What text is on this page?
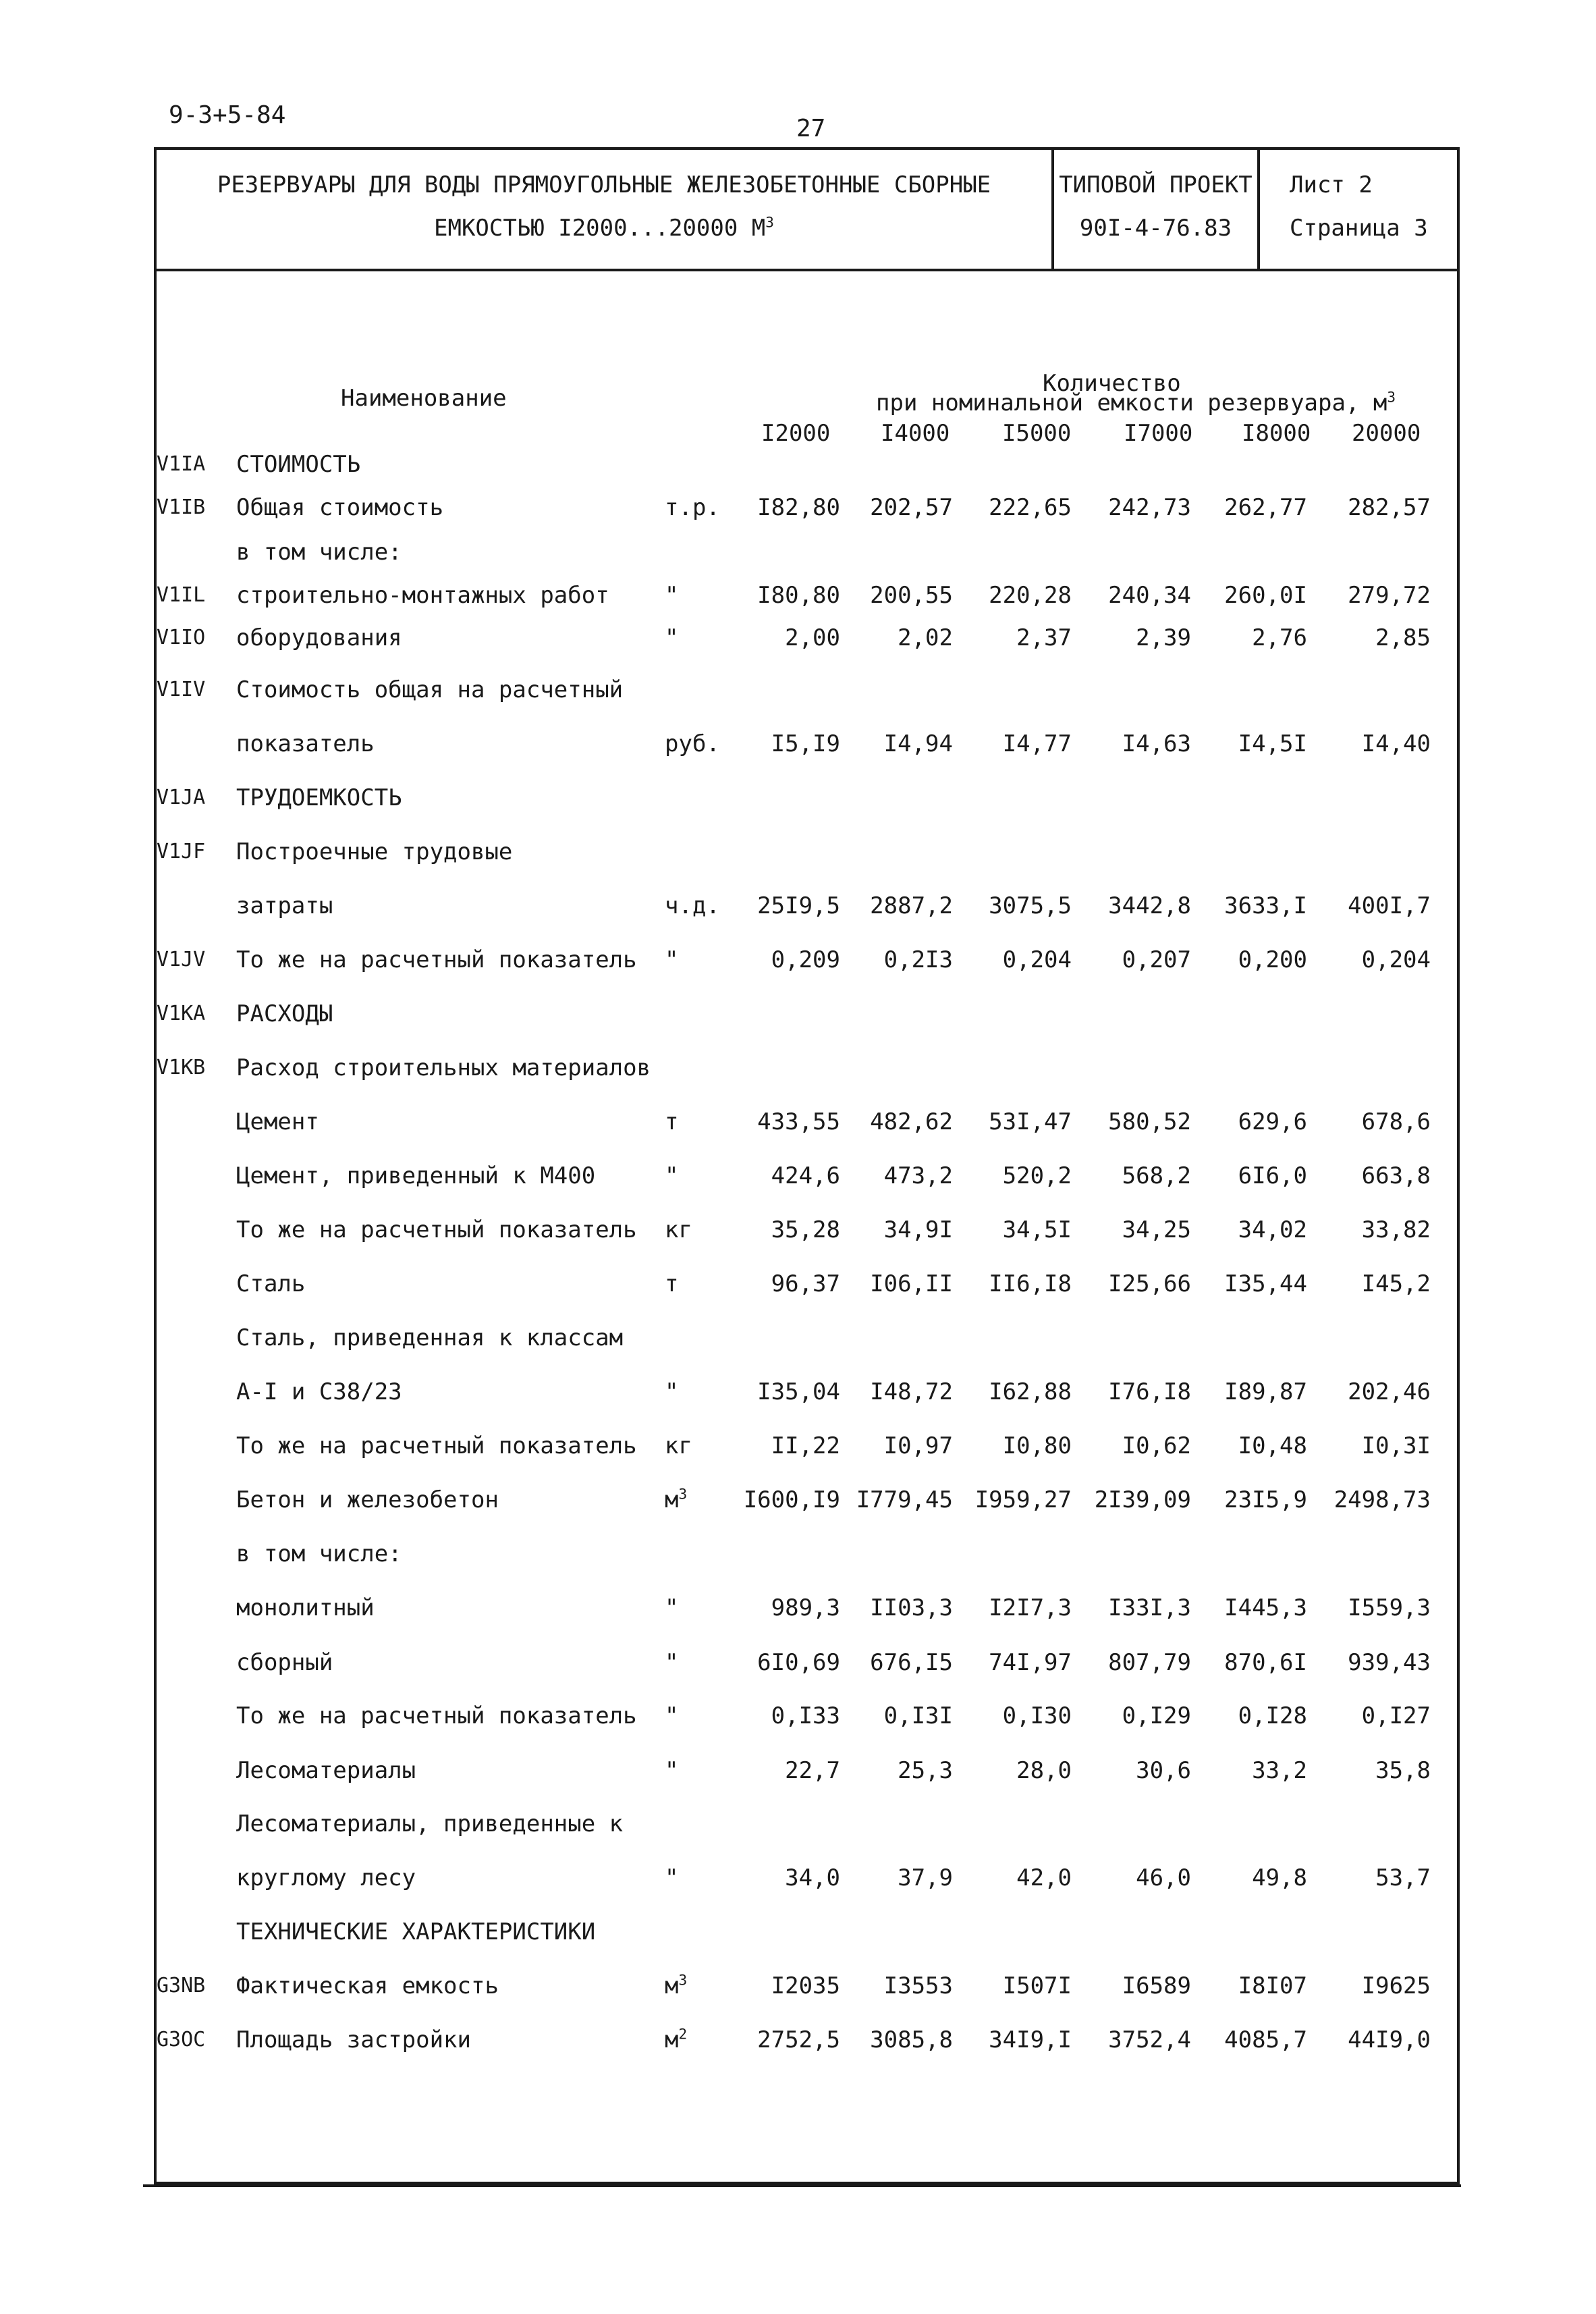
9-3+5-84	27
РЕЗЕРВУАРЫ ДЛЯ ВОДЫ ПРЯМОУГОЛЬНЫЕ ЖЕЛЕЗОБЕТОННЫЕ СБОРНЫЕ
ЕМКОСТЬЮ I2000...20000 $М^3$
ТИПОВОЙ ПРОЕКТ
90I-4-76.83
Лист 2
Страница 3
Наименование
Количество
при номинальной емкости резервуара, $м^3$
I2000 I4000 I5000 I7000 I8000 20000
V1IA СТОИМОСТЬ
V1IB Общая стоимость	т.р. I82,80 202,57 222,65 242,73 262,77 282,57
в том числе:
V1IL строительно-монтажных работ "	I80,80 200,55 220,28 240,34 260,0I 279,72
V1IO оборудования	"	2,00	2,02	2,37	2,39	2,76	2,85
V1IV Стоимость общая на расчетный
показатель	руб. I5,I9 I4,94 I4,77 I4,63 I4,5I I4,40
V1JA ТРУДОЕМКОСТЬ
V1JF Построечные трудовые
затраты	ч.д. 25I9,5 2887,2 3075,5 3442,8 3633,I 400I,7
V1JV То же на расчетный показатель "	0,209 0,2I3 0,204 0,207 0,200 0,204
V1KA РАСХОДЫ
V1KB Расход строительных материалов
Цемент	т	433,55 482,62 53I,47 580,52 629,6 678,6
Цемент, приведенный к М400	"	424,6 473,2 520,2 568,2 6I6,0 663,8
То же на расчетный показатель кг	35,28 34,9I 34,5I 34,25 34,02 33,82
Сталь	т	96,37 I06,II II6,I8 I25,66 I35,44 I45,2
Сталь, приведенная к классам
А-I и С38/23	"	I35,04 I48,72 I62,88 I76,I8 I89,87 202,46
То же на расчетный показатель кг	II,22 I0,97 I0,80 I0,62 I0,48 I0,3I
Бетон и железобетон	$м^3$ I600,I9 I779,45 I959,27 2I39,09 23I5,9 2498,73
в том числе:
монолитный	"	989,3 II03,3 I2I7,3 I33I,3 I445,3 I559,3
сборный	"	6I0,69 676,I5 74I,97 807,79 870,6I 939,43
То же на расчетный показатель "	0,I33 0,I3I 0,I30 0,I29 0,I28 0,I27
Лесоматериалы	"	22,7	25,3	28,0	30,6	33,2	35,8
Лесоматериалы, приведенные к
круглому лесу	"	34,0	37,9	42,0	46,0	49,8	53,7
ТЕХНИЧЕСКИЕ ХАРАКТЕРИСТИКИ
G3NB Фактическая емкость	$м^3$	I2035 I3553 I507I I6589 I8I07 I9625
G3OC Площадь застройки	$м^2$	2752,5 3085,8 34I9,I 3752,4 4085,7 44I9,0
